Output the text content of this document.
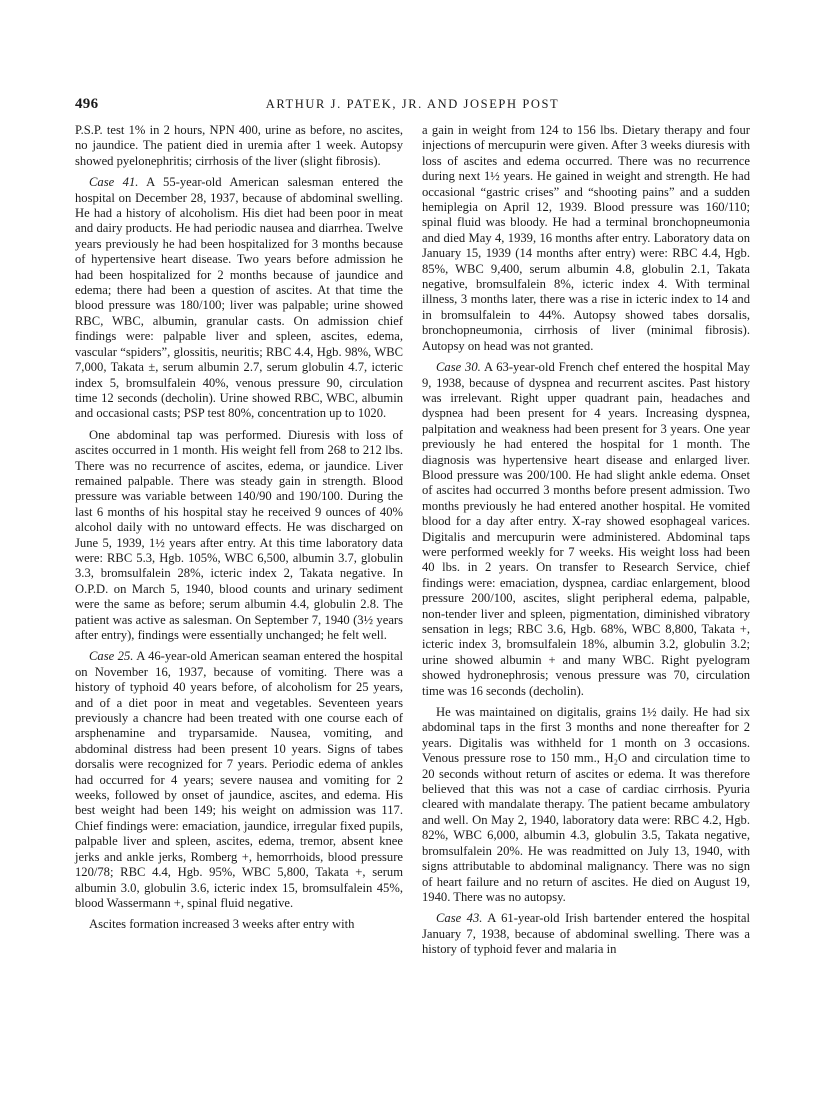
496	ARTHUR J. PATEK, JR. AND JOSEPH POST

P.S.P. test 1% in 2 hours, NPN 400, urine as before, no ascites, no jaundice. The patient died in uremia after 1 week. Autopsy showed pyelonephritis; cirrhosis of the liver (slight fibrosis).

Case 41. A 55-year-old American salesman entered the hospital on December 28, 1937, because of abdominal swelling. He had a history of alcoholism. His diet had been poor in meat and dairy products. He had periodic nausea and diarrhea. Twelve years previously he had been hospitalized for 3 months because of hypertensive heart disease. Two years before admission he had been hospitalized for 2 months because of jaundice and edema; there had been a question of ascites. At that time the blood pressure was 180/100; liver was palpable; urine showed RBC, WBC, albumin, granular casts. On admission chief findings were: palpable liver and spleen, ascites, edema, vascular “spiders”, glossitis, neuritis; RBC 4.4, Hgb. 98%, WBC 7,000, Takata ±, serum albumin 2.7, serum globulin 4.7, icteric index 5, bromsulfalein 40%, venous pressure 90, circulation time 12 seconds (decholin). Urine showed RBC, WBC, albumin and occasional casts; PSP test 80%, concentration up to 1020.

One abdominal tap was performed. Diuresis with loss of ascites occurred in 1 month. His weight fell from 268 to 212 lbs. There was no recurrence of ascites, edema, or jaundice. Liver remained palpable. There was steady gain in strength. Blood pressure was variable between 140/90 and 190/100. During the last 6 months of his hospital stay he received 9 ounces of 40% alcohol daily with no untoward effects. He was discharged on June 5, 1939, 1½ years after entry. At this time laboratory data were: RBC 5.3, Hgb. 105%, WBC 6,500, albumin 3.7, globulin 3.3, bromsulfalein 28%, icteric index 2, Takata negative. In O.P.D. on March 5, 1940, blood counts and urinary sediment were the same as before; serum albumin 4.4, globulin 2.8. The patient was active as salesman. On September 7, 1940 (3½ years after entry), findings were essentially unchanged; he felt well.

Case 25. A 46-year-old American seaman entered the hospital on November 16, 1937, because of vomiting. There was a history of typhoid 40 years before, of alcoholism for 25 years, and of a diet poor in meat and vegetables. Seventeen years previously a chancre had been treated with one course each of arsphenamine and tryparsamide. Nausea, vomiting, and abdominal distress had been present 10 years. Signs of tabes dorsalis were recognized for 7 years. Periodic edema of ankles had occurred for 4 years; severe nausea and vomiting for 2 weeks, followed by onset of jaundice, ascites, and edema. His best weight had been 149; his weight on admission was 117. Chief findings were: emaciation, jaundice, irregular fixed pupils, palpable liver and spleen, ascites, edema, tremor, absent knee jerks and ankle jerks, Romberg +, hemorrhoids, blood pressure 120/78; RBC 4.4, Hgb. 95%, WBC 5,800, Takata +, serum albumin 3.0, globulin 3.6, icteric index 15, bromsulfalein 45%, blood Wassermann +, spinal fluid negative.

Ascites formation increased 3 weeks after entry with

a gain in weight from 124 to 156 lbs. Dietary therapy and four injections of mercupurin were given. After 3 weeks diuresis with loss of ascites and edema occurred. There was no recurrence during next 1½ years. He gained in weight and strength. He had occasional “gastric crises” and “shooting pains” and a sudden hemiplegia on April 12, 1939. Blood pressure was 160/110; spinal fluid was bloody. He had a terminal bronchopneumonia and died May 4, 1939, 16 months after entry. Laboratory data on January 15, 1939 (14 months after entry) were: RBC 4.4, Hgb. 85%, WBC 9,400, serum albumin 4.8, globulin 2.1, Takata negative, bromsulfalein 8%, icteric index 4. With terminal illness, 3 months later, there was a rise in icteric index to 14 and in bromsulfalein to 44%. Autopsy showed tabes dorsalis, bronchopneumonia, cirrhosis of liver (minimal fibrosis). Autopsy on head was not granted.

Case 30. A 63-year-old French chef entered the hospital May 9, 1938, because of dyspnea and recurrent ascites. Past history was irrelevant. Right upper quadrant pain, headaches and dyspnea had been present for 4 years. Increasing dyspnea, palpitation and weakness had been present for 3 years. One year previously he had entered the hospital for 1 month. The diagnosis was hypertensive heart disease and enlarged liver. Blood pressure was 200/100. He had slight ankle edema. Onset of ascites had occurred 3 months before present admission. Two months previously he had entered another hospital. He vomited blood for a day after entry. X-ray showed esophageal varices. Digitalis and mercupurin were administered. Abdominal taps were performed weekly for 7 weeks. His weight loss had been 40 lbs. in 2 years. On transfer to Research Service, chief findings were: emaciation, dyspnea, cardiac enlargement, blood pressure 200/100, ascites, slight peripheral edema, palpable, non-tender liver and spleen, pigmentation, diminished vibratory sensation in legs; RBC 3.6, Hgb. 68%, WBC 8,800, Takata +, icteric index 3, bromsulfalein 18%, albumin 3.2, globulin 3.2; urine showed albumin + and many WBC. Right pyelogram showed hydronephrosis; venous pressure was 70, circulation time was 16 seconds (decholin).

He was maintained on digitalis, grains 1½ daily. He had six abdominal taps in the first 3 months and none thereafter for 2 years. Digitalis was withheld for 1 month on 3 occasions. Venous pressure rose to 150 mm., H₂O and circulation time to 20 seconds without return of ascites or edema. It was therefore believed that this was not a case of cardiac cirrhosis. Pyuria cleared with mandalate therapy. The patient became ambulatory and well. On May 2, 1940, laboratory data were: RBC 4.2, Hgb. 82%, WBC 6,000, albumin 4.3, globulin 3.5, Takata negative, bromsulfalein 20%. He was readmitted on July 13, 1940, with signs attributable to abdominal malignancy. There was no sign of heart failure and no return of ascites. He died on August 19, 1940. There was no autopsy.

Case 43. A 61-year-old Irish bartender entered the hospital January 7, 1938, because of abdominal swelling. There was a history of typhoid fever and malaria in
